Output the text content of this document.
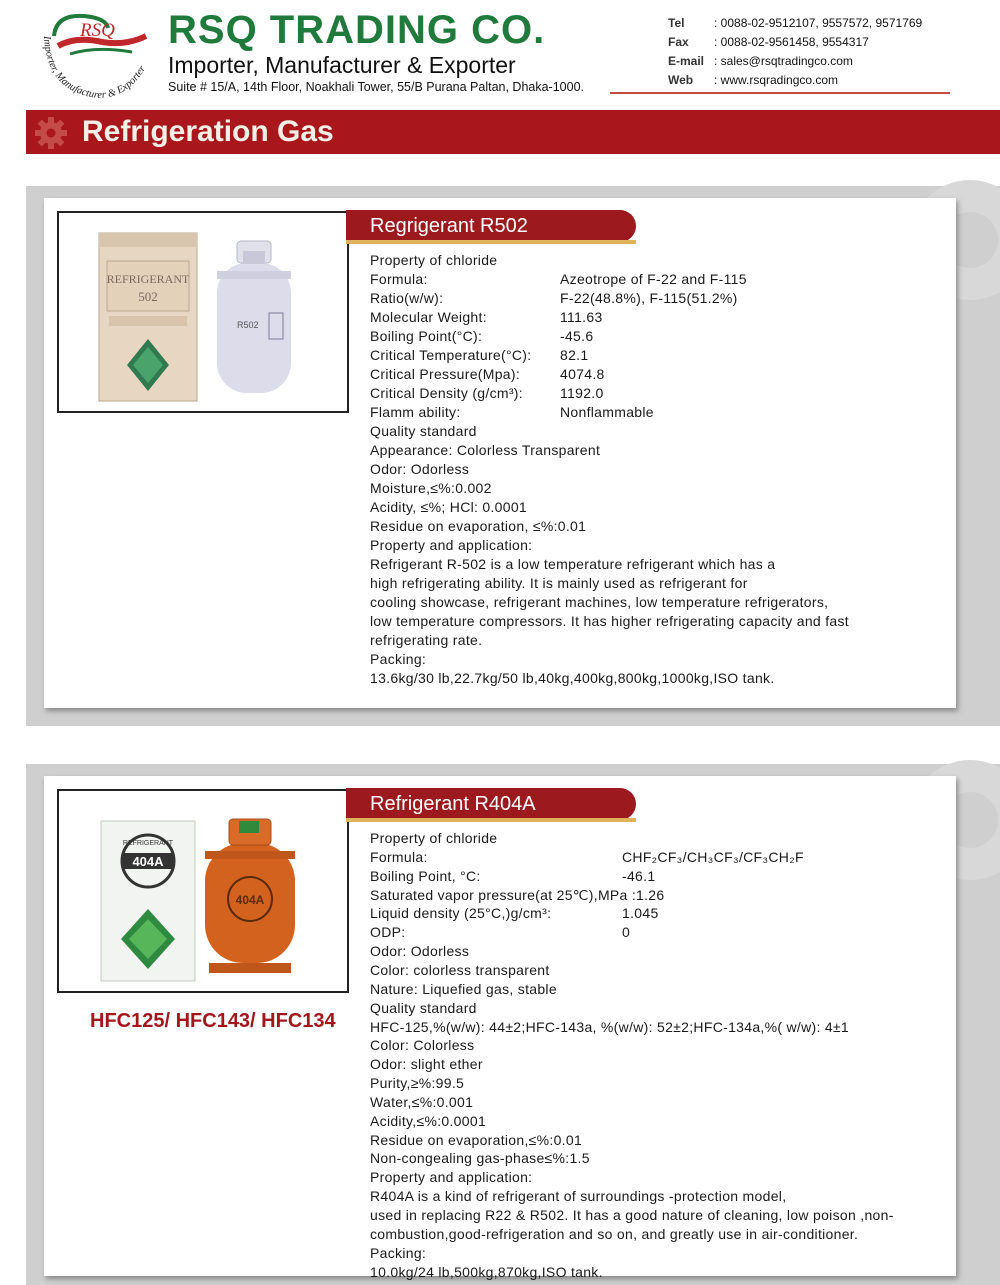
RSQ
Importer, Manufacturer & Exporter
RSQ TRADING CO.
Importer, Manufacturer & Exporter
Suite # 15/A, 14th Floor, Noakhali Tower, 55/B Purana Paltan, Dhaka-1000.
Tel	: 0088-02-9512107, 9557572, 9571769
Fax	: 0088-02-9561458, 9554317
E-mail : sales@rsqtradingco.com
Web	: www.rsqradingco.com
Refrigeration Gas
REFRIGERANT
502
R502
Regrigerant R502
Property of chloride
Formula:	Azeotrope of F-22 and F-115
Ratio(w/w):	F-22(48.8%), F-115(51.2%)
Molecular Weight:	111.63
Boiling Point(°C):	-45.6
Critical Temperature(°C): 82.1
Critical Pressure(Mpa):	4074.8
Critical Density (g/cm³):	1192.0
Flamm ability:	Nonflammable
Quality standard
Appearance: Colorless Transparent
Odor: Odorless
Moisture,≤%:0.002
Acidity, ≤%; HCl: 0.0001
Residue on evaporation, ≤%:0.01
Property and application:
Refrigerant R-502 is a low temperature refrigerant which has a
high refrigerating ability. It is mainly used as refrigerant for
cooling showcase, refrigerant machines, low temperature refrigerators,
low temperature compressors. It has higher refrigerating capacity and fast
refrigerating rate.
Packing:
13.6kg/30 lb,22.7kg/50 lb,40kg,400kg,800kg,1000kg,ISO tank.
REFRIGERANT
404A
404A
HFC125/ HFC143/ HFC134
Refrigerant R404A
Property of chloride
Formula:	CHF₂CF₃/CH₃CF₃/CF₃CH₂F
Boiling Point, °C:	-46.1
Saturated vapor pressure(at 25℃),MPa :1.26
Liquid density (25°C,)g/cm³:	1.045
ODP:	0
Odor: Odorless
Color: colorless transparent
Nature: Liquefied gas, stable
Quality standard
HFC-125,%(w/w): 44±2;HFC-143a, %(w/w): 52±2;HFC-134a,%( w/w): 4±1
Color: Colorless
Odor: slight ether
Purity,≥%:99.5
Water,≤%:0.001
Acidity,≤%:0.0001
Residue on evaporation,≤%:0.01
Non-congealing gas-phase≤%:1.5
Property and application:
R404A is a kind of refrigerant of surroundings -protection model,
used in replacing R22 & R502. It has a good nature of cleaning, low poison ,non-
combustion,good-refrigeration and so on, and greatly use in air-conditioner.
Packing:
10.0kg/24 lb,500kg,870kg,ISO tank.
